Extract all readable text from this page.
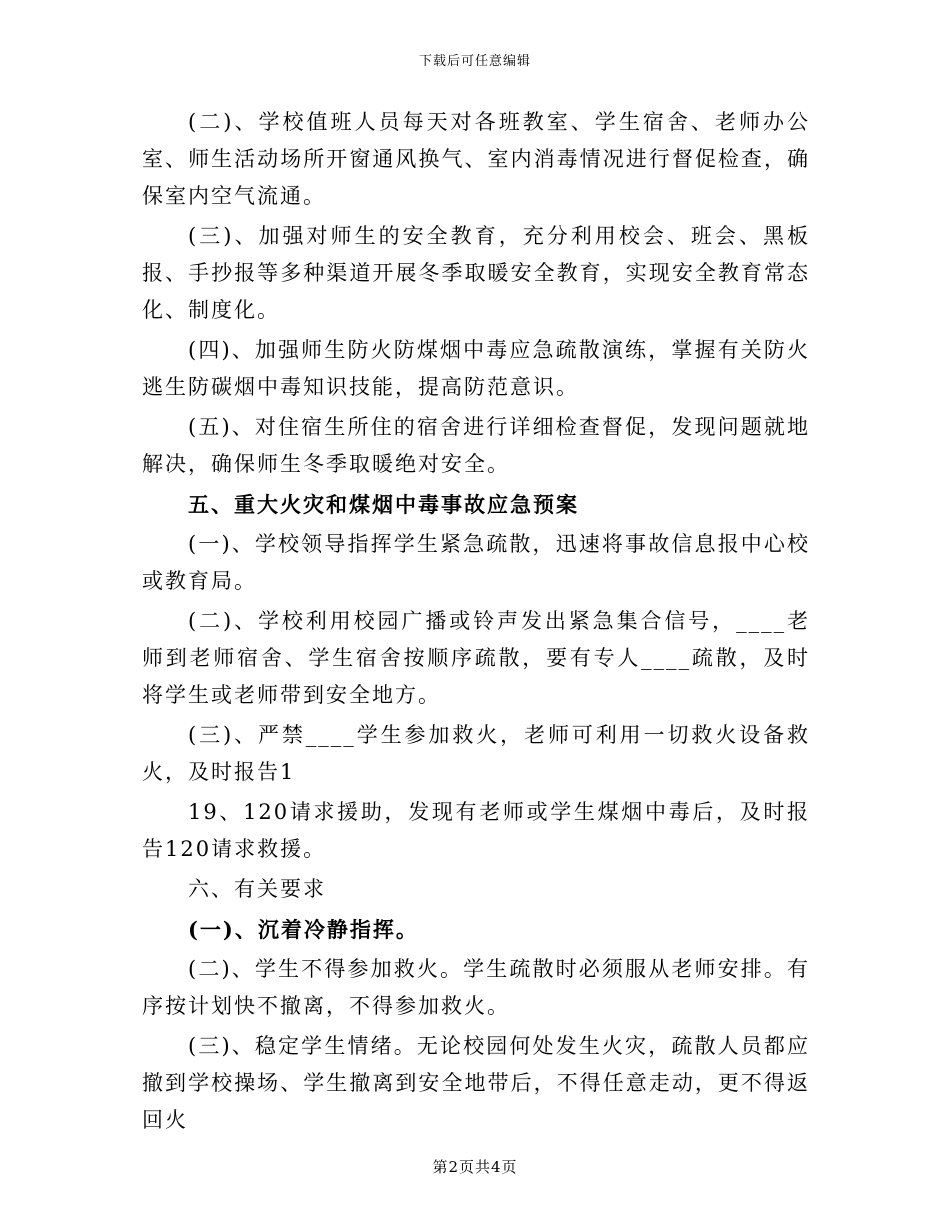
下载后可任意编辑

(二)、学校值班人员每天对各班教室、学生宿舍、老师办公室、师生活动场所开窗通风换气、室内消毒情况进行督促检查，确保室内空气流通。

(三)、加强对师生的安全教育，充分利用校会、班会、黑板报、手抄报等多种渠道开展冬季取暖安全教育，实现安全教育常态化、制度化。

(四)、加强师生防火防煤烟中毒应急疏散演练，掌握有关防火逃生防碳烟中毒知识技能，提高防范意识。

(五)、对住宿生所住的宿舍进行详细检查督促，发现问题就地解决，确保师生冬季取暖绝对安全。

五、重大火灾和煤烟中毒事故应急预案

(一)、学校领导指挥学生紧急疏散，迅速将事故信息报中心校或教育局。

(二)、学校利用校园广播或铃声发出紧急集合信号，____老师到老师宿舍、学生宿舍按顺序疏散，要有专人____疏散，及时将学生或老师带到安全地方。

(三)、严禁____学生参加救火，老师可利用一切救火设备救火，及时报告1

19、120请求援助，发现有老师或学生煤烟中毒后，及时报告120请求救援。

六、有关要求

(一)、沉着冷静指挥。

(二)、学生不得参加救火。学生疏散时必须服从老师安排。有序按计划快不撤离，不得参加救火。

(三)、稳定学生情绪。无论校园何处发生火灾，疏散人员都应撤到学校操场、学生撤离到安全地带后，不得任意走动，更不得返回火

第2页共4页
